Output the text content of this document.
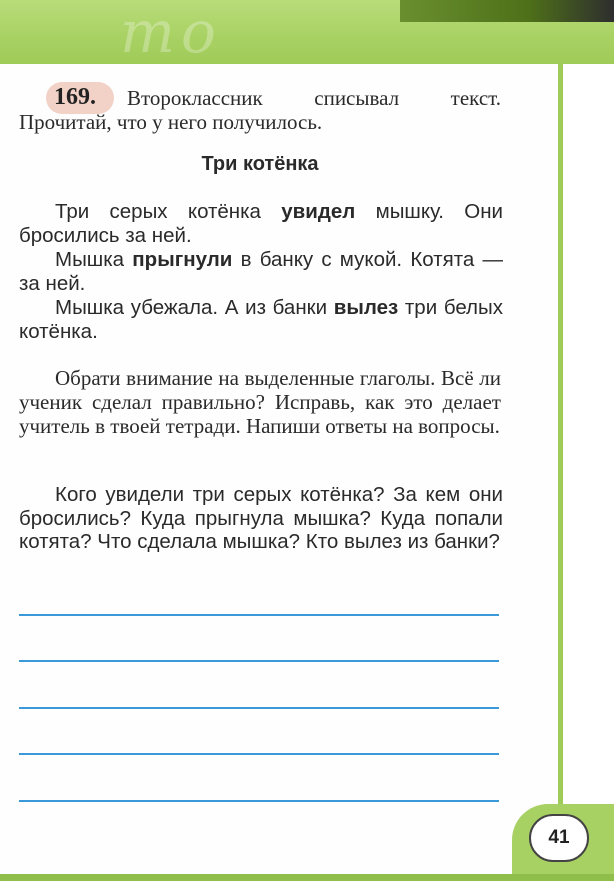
mo
169.	Второклассник списывал текст. Прочитай, что у него получилось.
Три котёнка
Три серых котёнка увидел мышку. Они бросились за ней.
Мышка прыгнули в банку с мукой. Котята — за ней.
Мышка убежала. А из банки вылез три белых котёнка.
Обрати внимание на выделенные глаголы. Всё ли ученик сделал правильно? Исправь, как это делает учитель в твоей тетради. Напиши ответы на вопросы.
Кого увидели три серых котёнка? За кем они бросились? Куда прыгнула мышка? Куда попали котята? Что сделала мышка? Кто вылез из банки?
41
